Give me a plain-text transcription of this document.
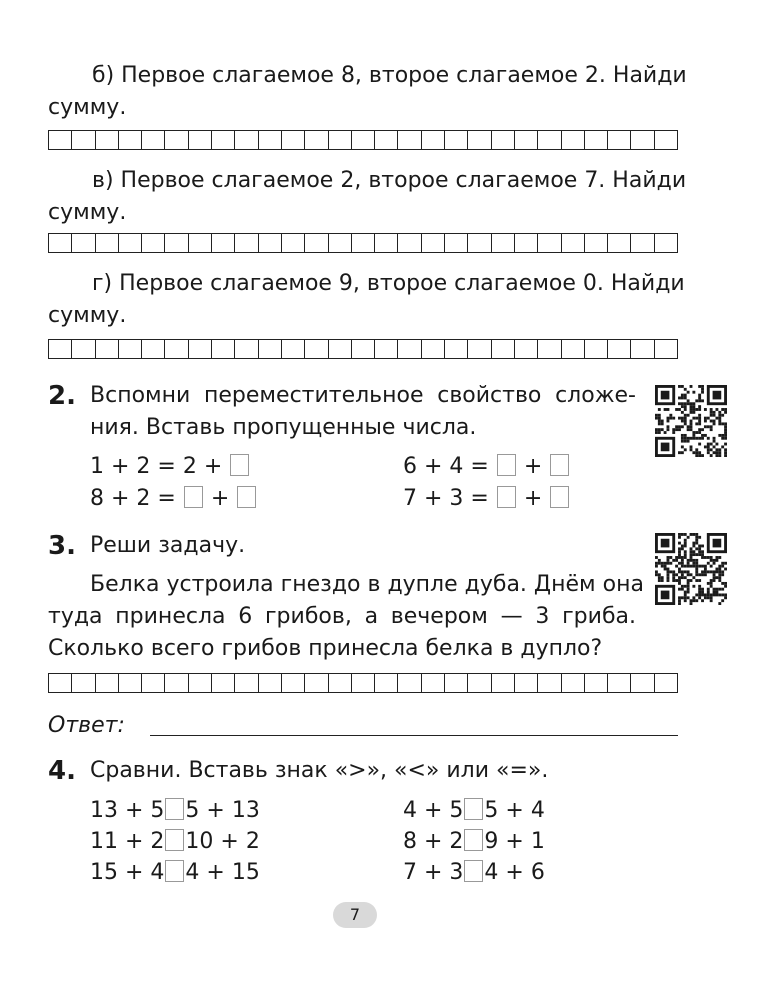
б) Первое слагаемое 8, второе слагаемое 2. Найди
сумму.
в) Первое слагаемое 2, второе слагаемое 7. Найди
сумму.
г) Первое слагаемое 9, второе слагаемое 0. Найди
сумму.
2. Вспомни переместительное свойство сложе-
ния. Вставь пропущенные числа.
1 + 2 = 2 +
8 + 2 = +
6 + 4 = +
7 + 3 = +
3. Реши задачу.
Белка устроила гнездо в дупле дуба. Днём она
туда принесла 6 грибов, а вечером — 3 гриба.
Сколько всего грибов принесла белка в дупло?
Ответ:
4. Сравни. Вставь знак «>», «<» или «=».
13 + 5 5 + 13
11 + 2 10 + 2
15 + 4 4 + 15
4 + 5 5 + 4
8 + 2 9 + 1
7 + 3 4 + 6
7
